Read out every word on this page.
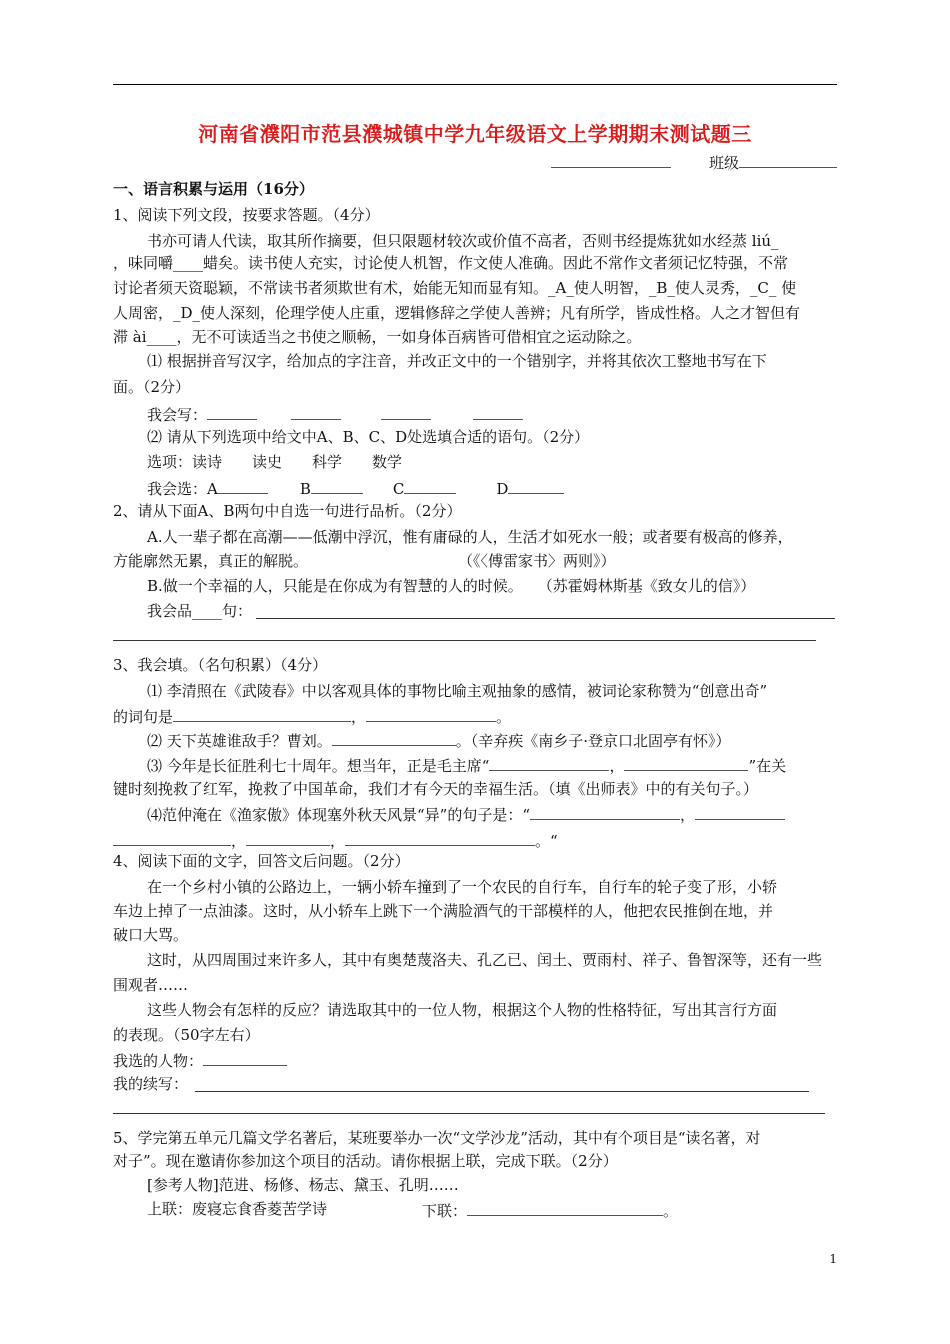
河南省濮阳市范县濮城镇中学九年级语文上学期期末测试题三
班级
一、语言积累与运用（16分）
1、阅读下列文段，按要求答题。（4分）
书亦可请人代读，取其所作摘要，但只限题材较次或价值不高者，否则书经提炼犹如水经蒸 liú_
，味同嚼____蜡矣。读书使人充实，讨论使人机智，作文使人准确。因此不常作文者须记忆特强，不常
讨论者须天资聪颖，不常读书者须欺世有术，始能无知而显有知。_A_使人明智，_B_使人灵秀，_C_ 使
人周密，_D_使人深刻，伦理学使人庄重，逻辑修辞之学使人善辨；凡有所学，皆成性格。人之才智但有
滞 ài____，无不可读适当之书使之顺畅，一如身体百病皆可借相宜之运动除之。
⑴ 根据拼音写汉字，给加点的字注音，并改正文中的一个错别字，并将其依次工整地书写在下
面。（2分）
我会写：
⑵ 请从下列选项中给文中A、B、C、D处选填合适的语句。（2分）
选项：读诗　　读史　　科学　　数学
我会选：A	B	C	D
2、请从下面A、B两句中自选一句进行品析。（2分）
A.人一辈子都在高潮——低潮中浮沉，惟有庸碌的人，生活才如死水一般；或者要有极高的修养，
方能廓然无累，真正的解脱。　　　　　　　　　　　（《〈傅雷家书〉两则》）
B.做一个幸福的人，只能是在你成为有智慧的人的时候。　　（苏霍姆林斯基《致女儿的信》）
我会品____句：
3、我会填。（名句积累）（4分）
⑴ 李清照在《武陵春》中以客观具体的事物比喻主观抽象的感情，被词论家称赞为“创意出奇”
的词句是	，	。
⑵ 天下英雄谁敌手？曹刘。	。（辛弃疾《南乡子·登京口北固亭有怀》）
⑶ 今年是长征胜利七十周年。想当年，正是毛主席“	，	”在关
键时刻挽救了红军，挽救了中国革命，我们才有今天的幸福生活。（填《出师表》中的有关句子。）
⑷范仲淹在《渔家傲》体现塞外秋天风景“异”的句子是：“	，
，	，	。“
4、阅读下面的文字，回答文后问题。（2分）
在一个乡村小镇的公路边上，一辆小轿车撞到了一个农民的自行车，自行车的轮子变了形，小轿
车边上掉了一点油漆。这时，从小轿车上跳下一个满脸酒气的干部模样的人，他把农民推倒在地，并
破口大骂。
这时，从四周围过来许多人，其中有奥楚蔑洛夫、孔乙已、闰土、贾雨村、祥子、鲁智深等，还有一些
围观者……
这些人物会有怎样的反应？请选取其中的一位人物，根据这个人物的性格特征，写出其言行方面
的表现。（50字左右）
我选的人物：
我的续写：
5、学完第五单元几篇文学名著后，某班要举办一次“文学沙龙”活动，其中有个项目是“读名著，对
对子”。现在邀请你参加这个项目的活动。请你根据上联，完成下联。（2分）
[参考人物]范进、杨修、杨志、黛玉、孔明……
上联：废寝忘食香菱苦学诗	下联：	。
1
